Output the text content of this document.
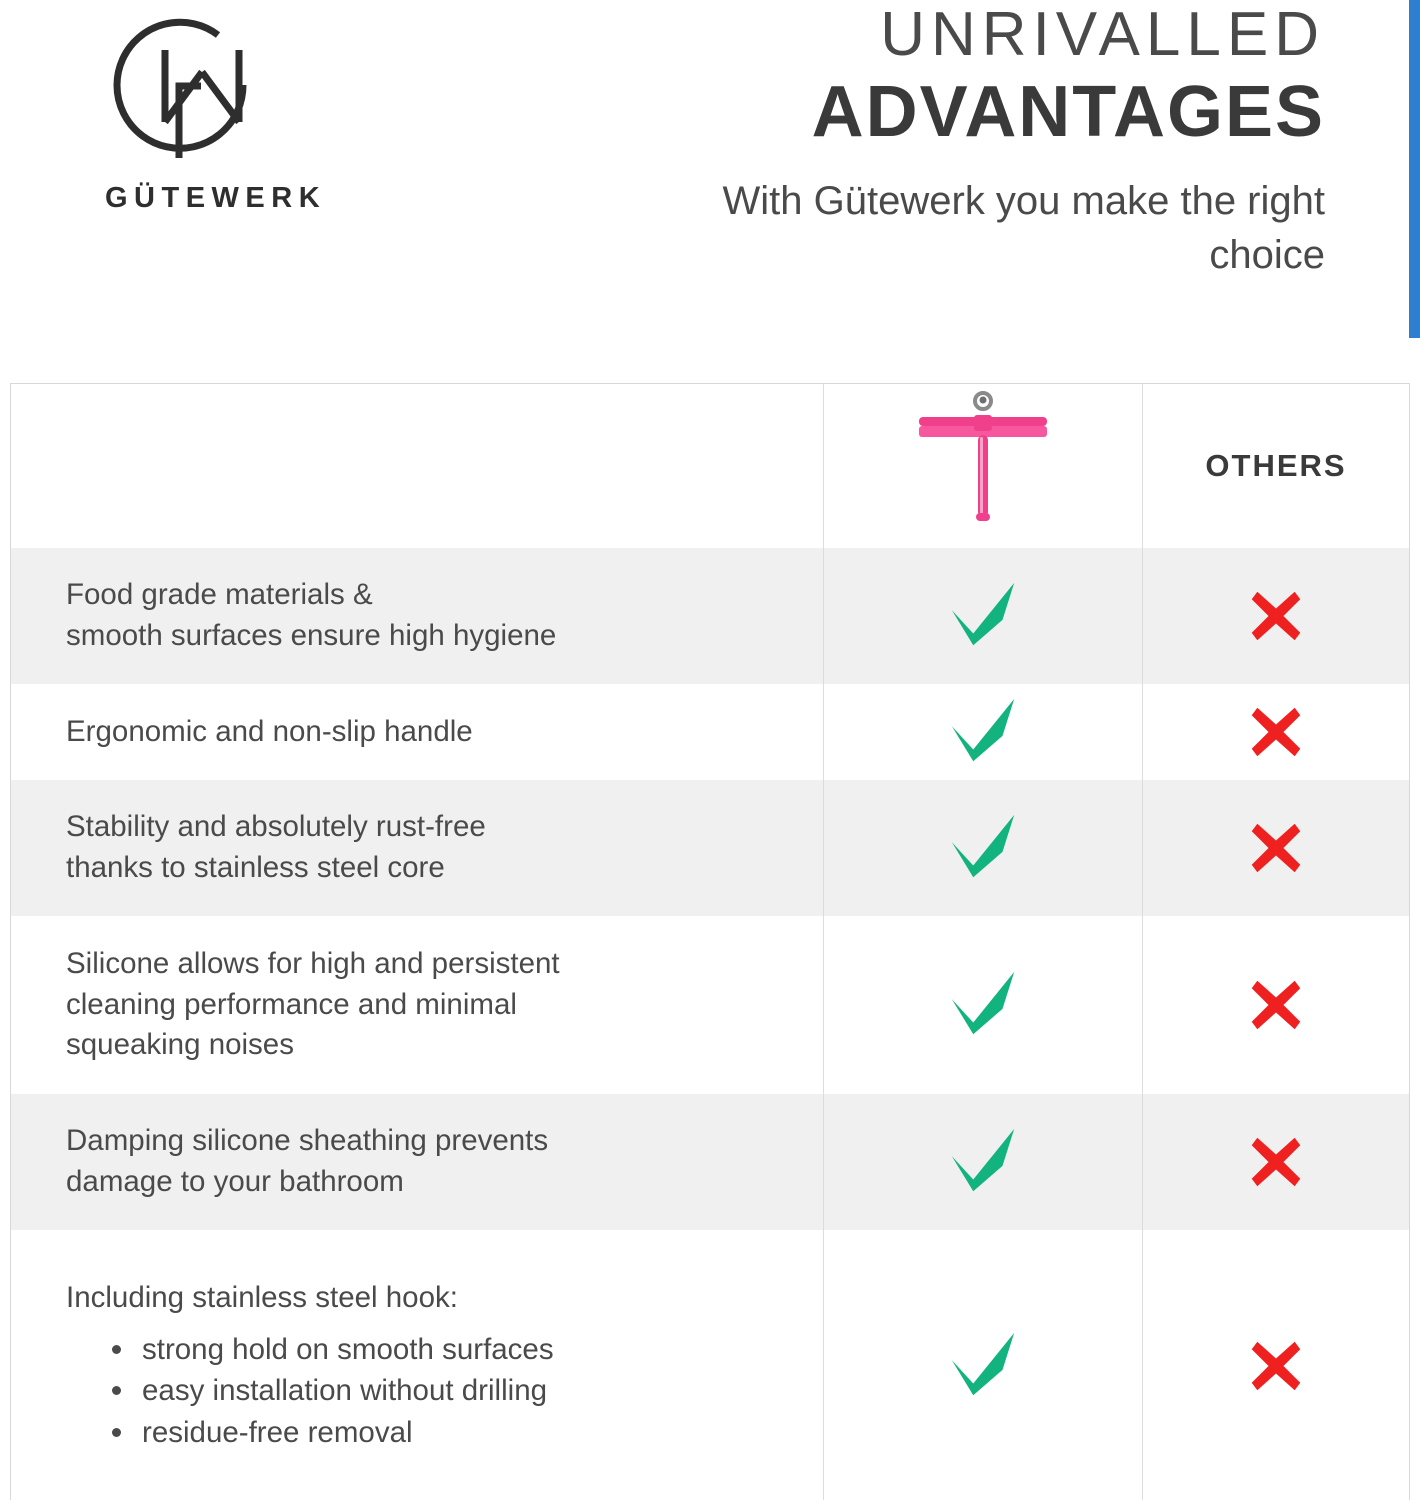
GÜTEWERK
UNRIVALLED
ADVANTAGES
With Gütewerk you make the right choice
OTHERS
Food grade materials &
smooth surfaces ensure high hygiene
Ergonomic and non-slip handle
Stability and absolutely rust-free
thanks to stainless steel core
Silicone allows for high and persistent
cleaning performance and minimal
squeaking noises
Damping silicone sheathing prevents
damage to your bathroom
Including stainless steel hook:
strong hold on smooth surfaces
easy installation without drilling
residue-free removal
